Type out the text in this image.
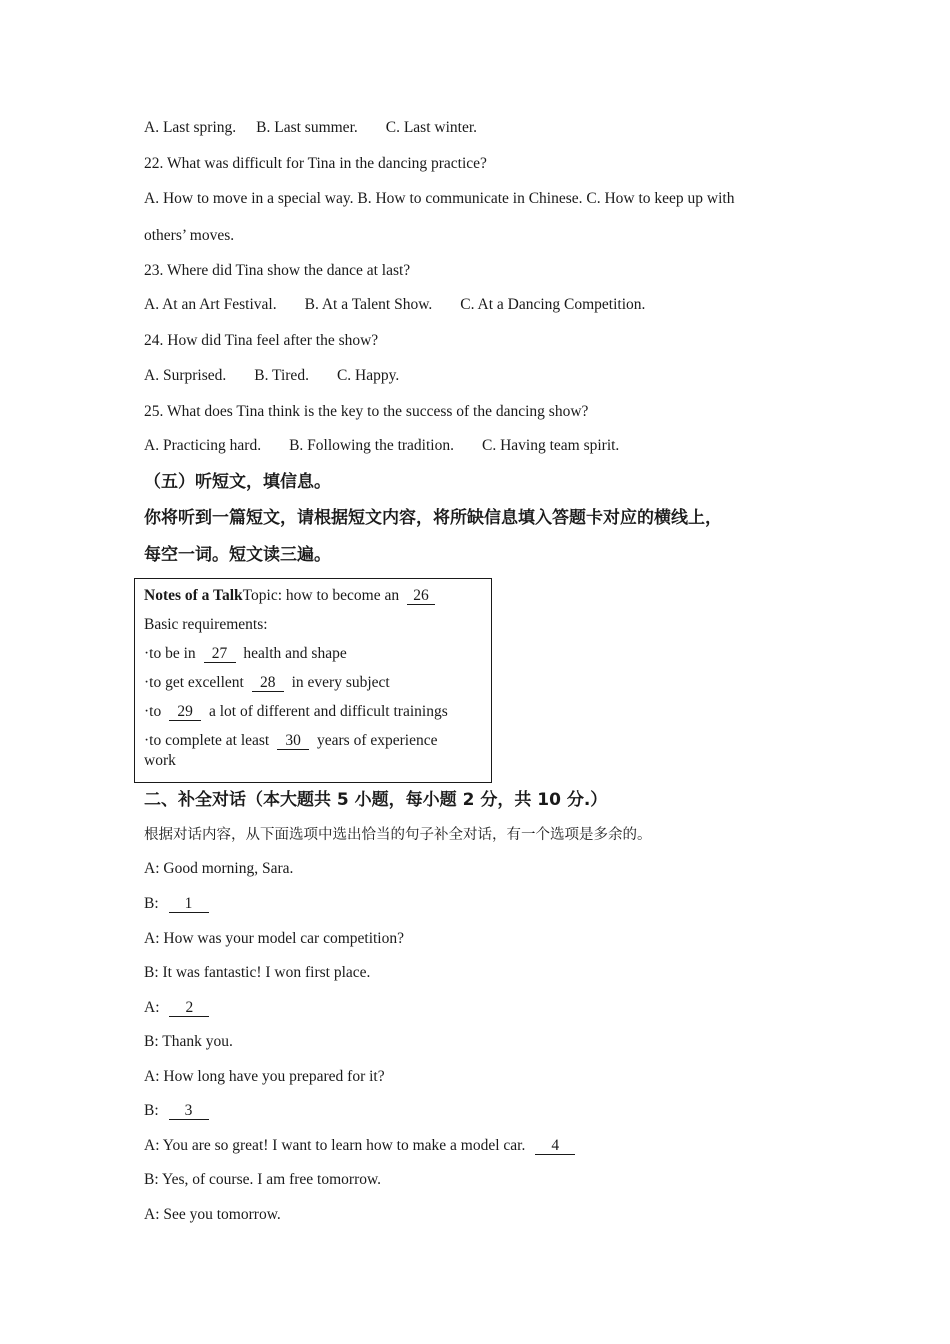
A. Last spring. B. Last summer. C. Last winter.
22. What was difficult for Tina in the dancing practice?
A. How to move in a special way. B. How to communicate in Chinese. C. How to keep up with
others’ moves.
23. Where did Tina show the dance at last?
A. At an Art Festival. B. At a Talent Show. C. At a Dancing Competition.
24. How did Tina feel after the show?
A. Surprised. B. Tired. C. Happy.
25. What does Tina think is the key to the success of the dancing show?
A. Practicing hard. B. Following the tradition. C. Having team spirit.
（五）听短文，填信息。
你将听到一篇短文，请根据短文内容，将所缺信息填入答题卡对应的横线上，
每空一词。短文读三遍。
Notes of a TalkTopic: how to become an 26
Basic requirements:
·to be in 27 health and shape
·to get excellent 28 in every subject
·to 29 a lot of different and difficult trainings
·to complete at least 30 years of experience
work
二、补全对话（本大题共 5 小题，每小题 2 分，共 10 分.）
根据对话内容，从下面选项中选出恰当的句子补全对话，有一个选项是多余的。
A: Good morning, Sara.
B: 1
A: How was your model car competition?
B: It was fantastic! I won first place.
A: 2
B: Thank you.
A: How long have you prepared for it?
B: 3
A: You are so great! I want to learn how to make a model car. 4
B: Yes, of course. I am free tomorrow.
A: See you tomorrow.
